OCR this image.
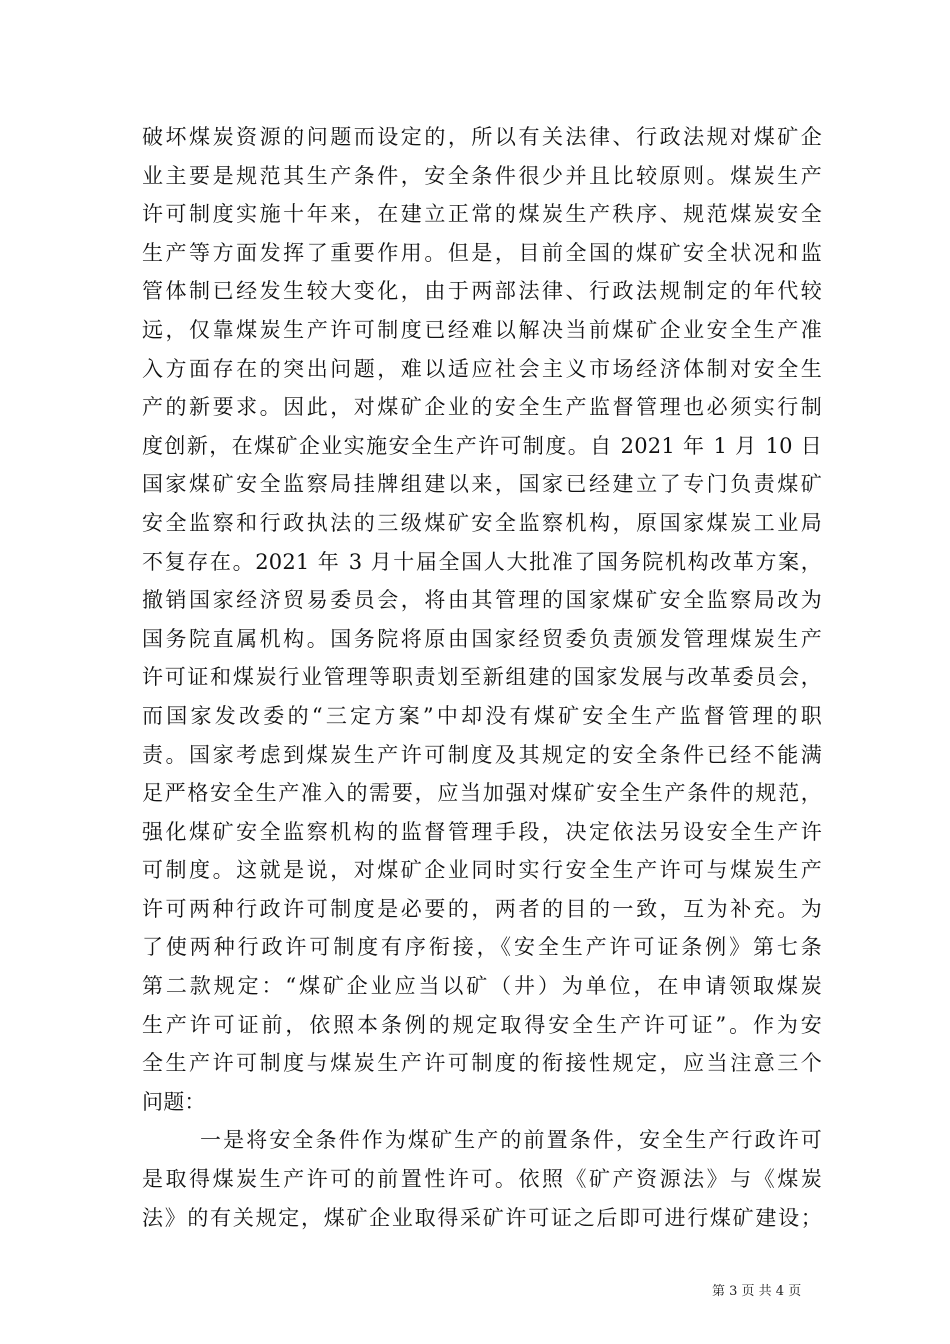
破坏煤炭资源的问题而设定的，所以有关法律、行政法规对煤矿企
业主要是规范其生产条件，安全条件很少并且比较原则。煤炭生产
许可制度实施十年来，在建立正常的煤炭生产秩序、规范煤炭安全
生产等方面发挥了重要作用。但是，目前全国的煤矿安全状况和监
管体制已经发生较大变化，由于两部法律、行政法规制定的年代较
远，仅靠煤炭生产许可制度已经难以解决当前煤矿企业安全生产准
入方面存在的突出问题，难以适应社会主义市场经济体制对安全生
产的新要求。因此，对煤矿企业的安全生产监督管理也必须实行制
度创新，在煤矿企业实施安全生产许可制度。自 2021 年 1 月 10 日
国家煤矿安全监察局挂牌组建以来，国家已经建立了专门负责煤矿
安全监察和行政执法的三级煤矿安全监察机构，原国家煤炭工业局
不复存在。2021 年 3 月十届全国人大批准了国务院机构改革方案，
撤销国家经济贸易委员会，将由其管理的国家煤矿安全监察局改为
国务院直属机构。国务院将原由国家经贸委负责颁发管理煤炭生产
许可证和煤炭行业管理等职责划至新组建的国家发展与改革委员会，
而国家发改委的“三定方案”中却没有煤矿安全生产监督管理的职
责。国家考虑到煤炭生产许可制度及其规定的安全条件已经不能满
足严格安全生产准入的需要，应当加强对煤矿安全生产条件的规范，
强化煤矿安全监察机构的监督管理手段，决定依法另设安全生产许
可制度。这就是说，对煤矿企业同时实行安全生产许可与煤炭生产
许可两种行政许可制度是必要的，两者的目的一致，互为补充。为
了使两种行政许可制度有序衔接，《安全生产许可证条例》第七条
第二款规定：“煤矿企业应当以矿（井）为单位，在申请领取煤炭
生产许可证前，依照本条例的规定取得安全生产许可证”。作为安
全生产许可制度与煤炭生产许可制度的衔接性规定，应当注意三个
问题：
一是将安全条件作为煤矿生产的前置条件，安全生产行政许可
是取得煤炭生产许可的前置性许可。依照《矿产资源法》与《煤炭
法》的有关规定，煤矿企业取得采矿许可证之后即可进行煤矿建设；
第 3 页 共 4 页
